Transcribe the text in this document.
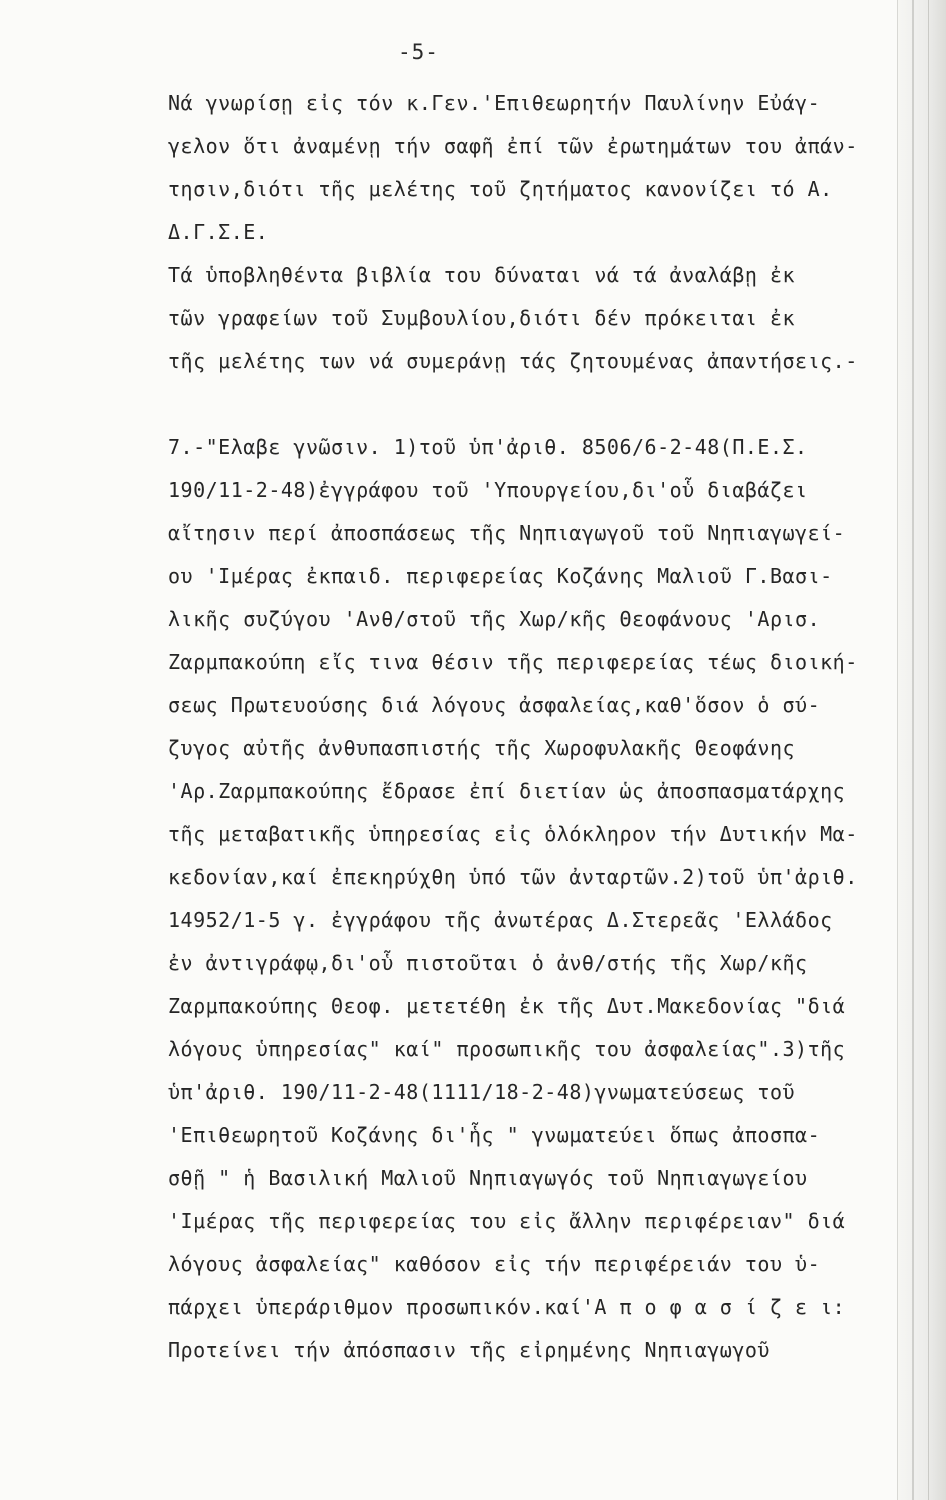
-5-
Νά γνωρίσῃ εἰς τόν κ.Γεν.'Επιθεωρητήν Παυλίνην Εὐάγ-
γελον ὅτι ἀναμένῃ τήν σαφῆ ἐπί τῶν ἐρωτημάτων του ἀπάν-
τησιν,διότι τῆς μελέτης τοῦ ζητήματος κανονίζει τό Α.
Δ.Γ.Σ.Ε.
Τά ὑποβληθέντα βιβλία του δύναται νά τά ἀναλάβῃ ἐκ
τῶν γραφείων τοῦ Συμβουλίου,διότι δέν πρόκειται ἐκ
τῆς μελέτης των νά συμεράνῃ τάς ζητουμένας ἀπαντήσεις.-
7.-"Ελαβε γνῶσιν. 1)τοῦ ὑπ'ἀριθ. 8506/6-2-48(Π.Ε.Σ.
190/11-2-48)ἐγγράφου τοῦ 'Υπουργείου,δι'οὗ διαβάζει
αἴτησιν περί ἀποσπάσεως τῆς Νηπιαγωγοῦ τοῦ Νηπιαγωγεί-
ου 'Ιμέρας ἐκπαιδ. περιφερείας Κοζάνης Μαλιοῦ Γ.Βασι-
λικῆς συζύγου 'Ανθ/στοῦ τῆς Χωρ/κῆς Θεοφάνους 'Αρισ.
Ζαρμπακούπη εἴς τινα θέσιν τῆς περιφερείας τέως διοική-
σεως Πρωτευούσης διά λόγους ἀσφαλείας,καθ'ὅσον ὁ σύ-
ζυγος αὐτῆς ἀνθυπασπιστής τῆς Χωροφυλακῆς Θεοφάνης
'Αρ.Ζαρμπακούπης ἔδρασε ἐπί διετίαν ὡς ἀποσπασματάρχης
τῆς μεταβατικῆς ὑπηρεσίας εἰς ὁλόκληρον τήν Δυτικήν Μα-
κεδονίαν,καί ἐπεκηρύχθη ὑπό τῶν ἀνταρτῶν.2)τοῦ ὑπ'ἀριθ.
14952/1-5 γ. ἐγγράφου τῆς ἀνωτέρας Δ.Στερεᾶς 'Ελλάδος
ἐν ἀντιγράφῳ,δι'οὗ πιστοῦται ὁ ἀνθ/στής τῆς Χωρ/κῆς
Ζαρμπακούπης Θεοφ. μετετέθη ἐκ τῆς Δυτ.Μακεδονίας "διά
λόγους ὑπηρεσίας" καί" προσωπικῆς του ἀσφαλείας".3)τῆς
ὑπ'ἀριθ. 190/11-2-48(1111/18-2-48)γνωματεύσεως τοῦ
'Επιθεωρητοῦ Κοζάνης δι'ἧς " γνωματεύει ὅπως ἀποσπα-
σθῇ " ἡ Βασιλική Μαλιοῦ Νηπιαγωγός τοῦ Νηπιαγωγείου
'Ιμέρας τῆς περιφερείας του εἰς ἄλλην περιφέρειαν" διά
λόγους ἀσφαλείας" καθόσον εἰς τήν περιφέρειάν του ὑ-
πάρχει ὑπεράριθμον προσωπικόν.καί'Α π ο φ α σ ί ζ ε ι:
Προτείνει τήν ἀπόσπασιν τῆς εἰρημένης Νηπιαγωγοῦ
